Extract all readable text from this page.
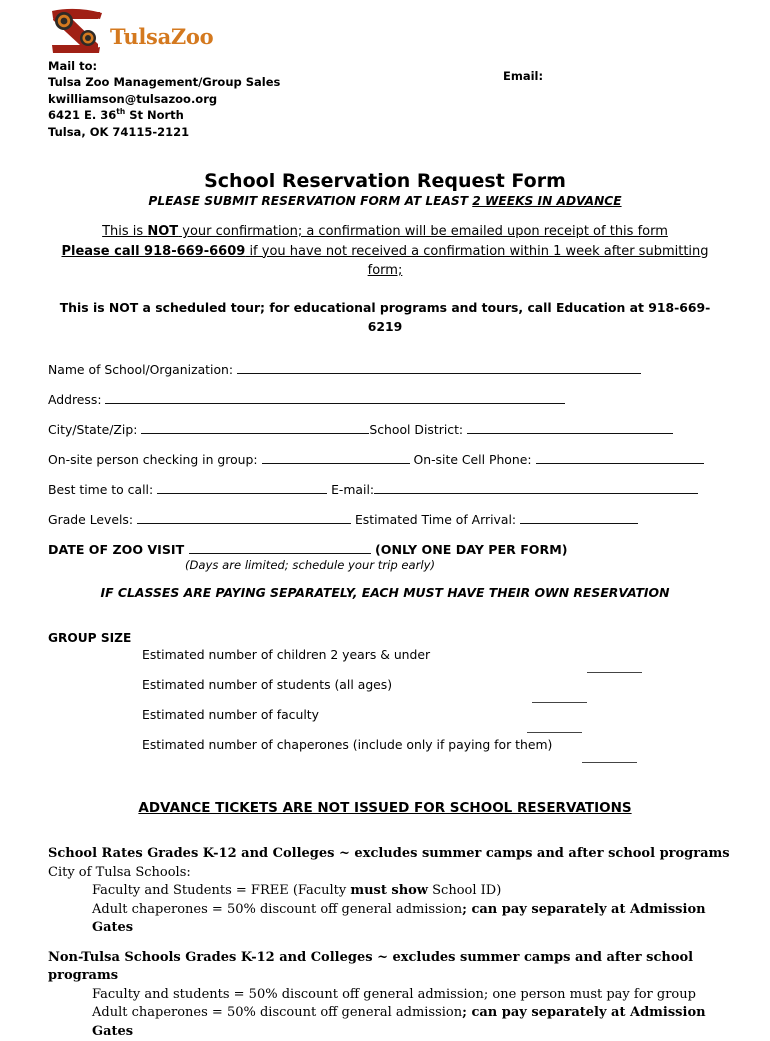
TulsaZoo
Mail to:
Tulsa Zoo Management/Group Sales
kwilliamson@tulsazoo.org
6421 E. 36th St North
Tulsa, OK 74115-2121
Email:
School Reservation Request Form
PLEASE SUBMIT RESERVATION FORM AT LEAST 2 WEEKS IN ADVANCE
This is NOT your confirmation; a confirmation will be emailed upon receipt of this form
Please call 918-669-6609 if you have not received a confirmation within 1 week after submitting form;
This is NOT a scheduled tour; for educational programs and tours, call Education at 918-669-6219
Name of School/Organization:
Address:
City/State/Zip:	School District:
On-site person checking in group:	On-site Cell Phone:
Best time to call:	E-mail:
Grade Levels:	Estimated Time of Arrival:
DATE OF ZOO VISIT	(ONLY ONE DAY PER FORM)
(Days are limited; schedule your trip early)
IF CLASSES ARE PAYING SEPARATELY, EACH MUST HAVE THEIR OWN RESERVATION
GROUP SIZE
Estimated number of children 2 years & under
Estimated number of students (all ages)
Estimated number of faculty
Estimated number of chaperones (include only if paying for them)
ADVANCE TICKETS ARE NOT ISSUED FOR SCHOOL RESERVATIONS
School Rates Grades K-12 and Colleges ~ excludes summer camps and after school programs
City of Tulsa Schools:
Faculty and Students = FREE (Faculty must show School ID)
Adult chaperones = 50% discount off general admission; can pay separately at Admission Gates
Non-Tulsa Schools Grades K-12 and Colleges ~ excludes summer camps and after school programs
Faculty and students = 50% discount off general admission; one person must pay for group
Adult chaperones = 50% discount off general admission; can pay separately at Admission Gates
